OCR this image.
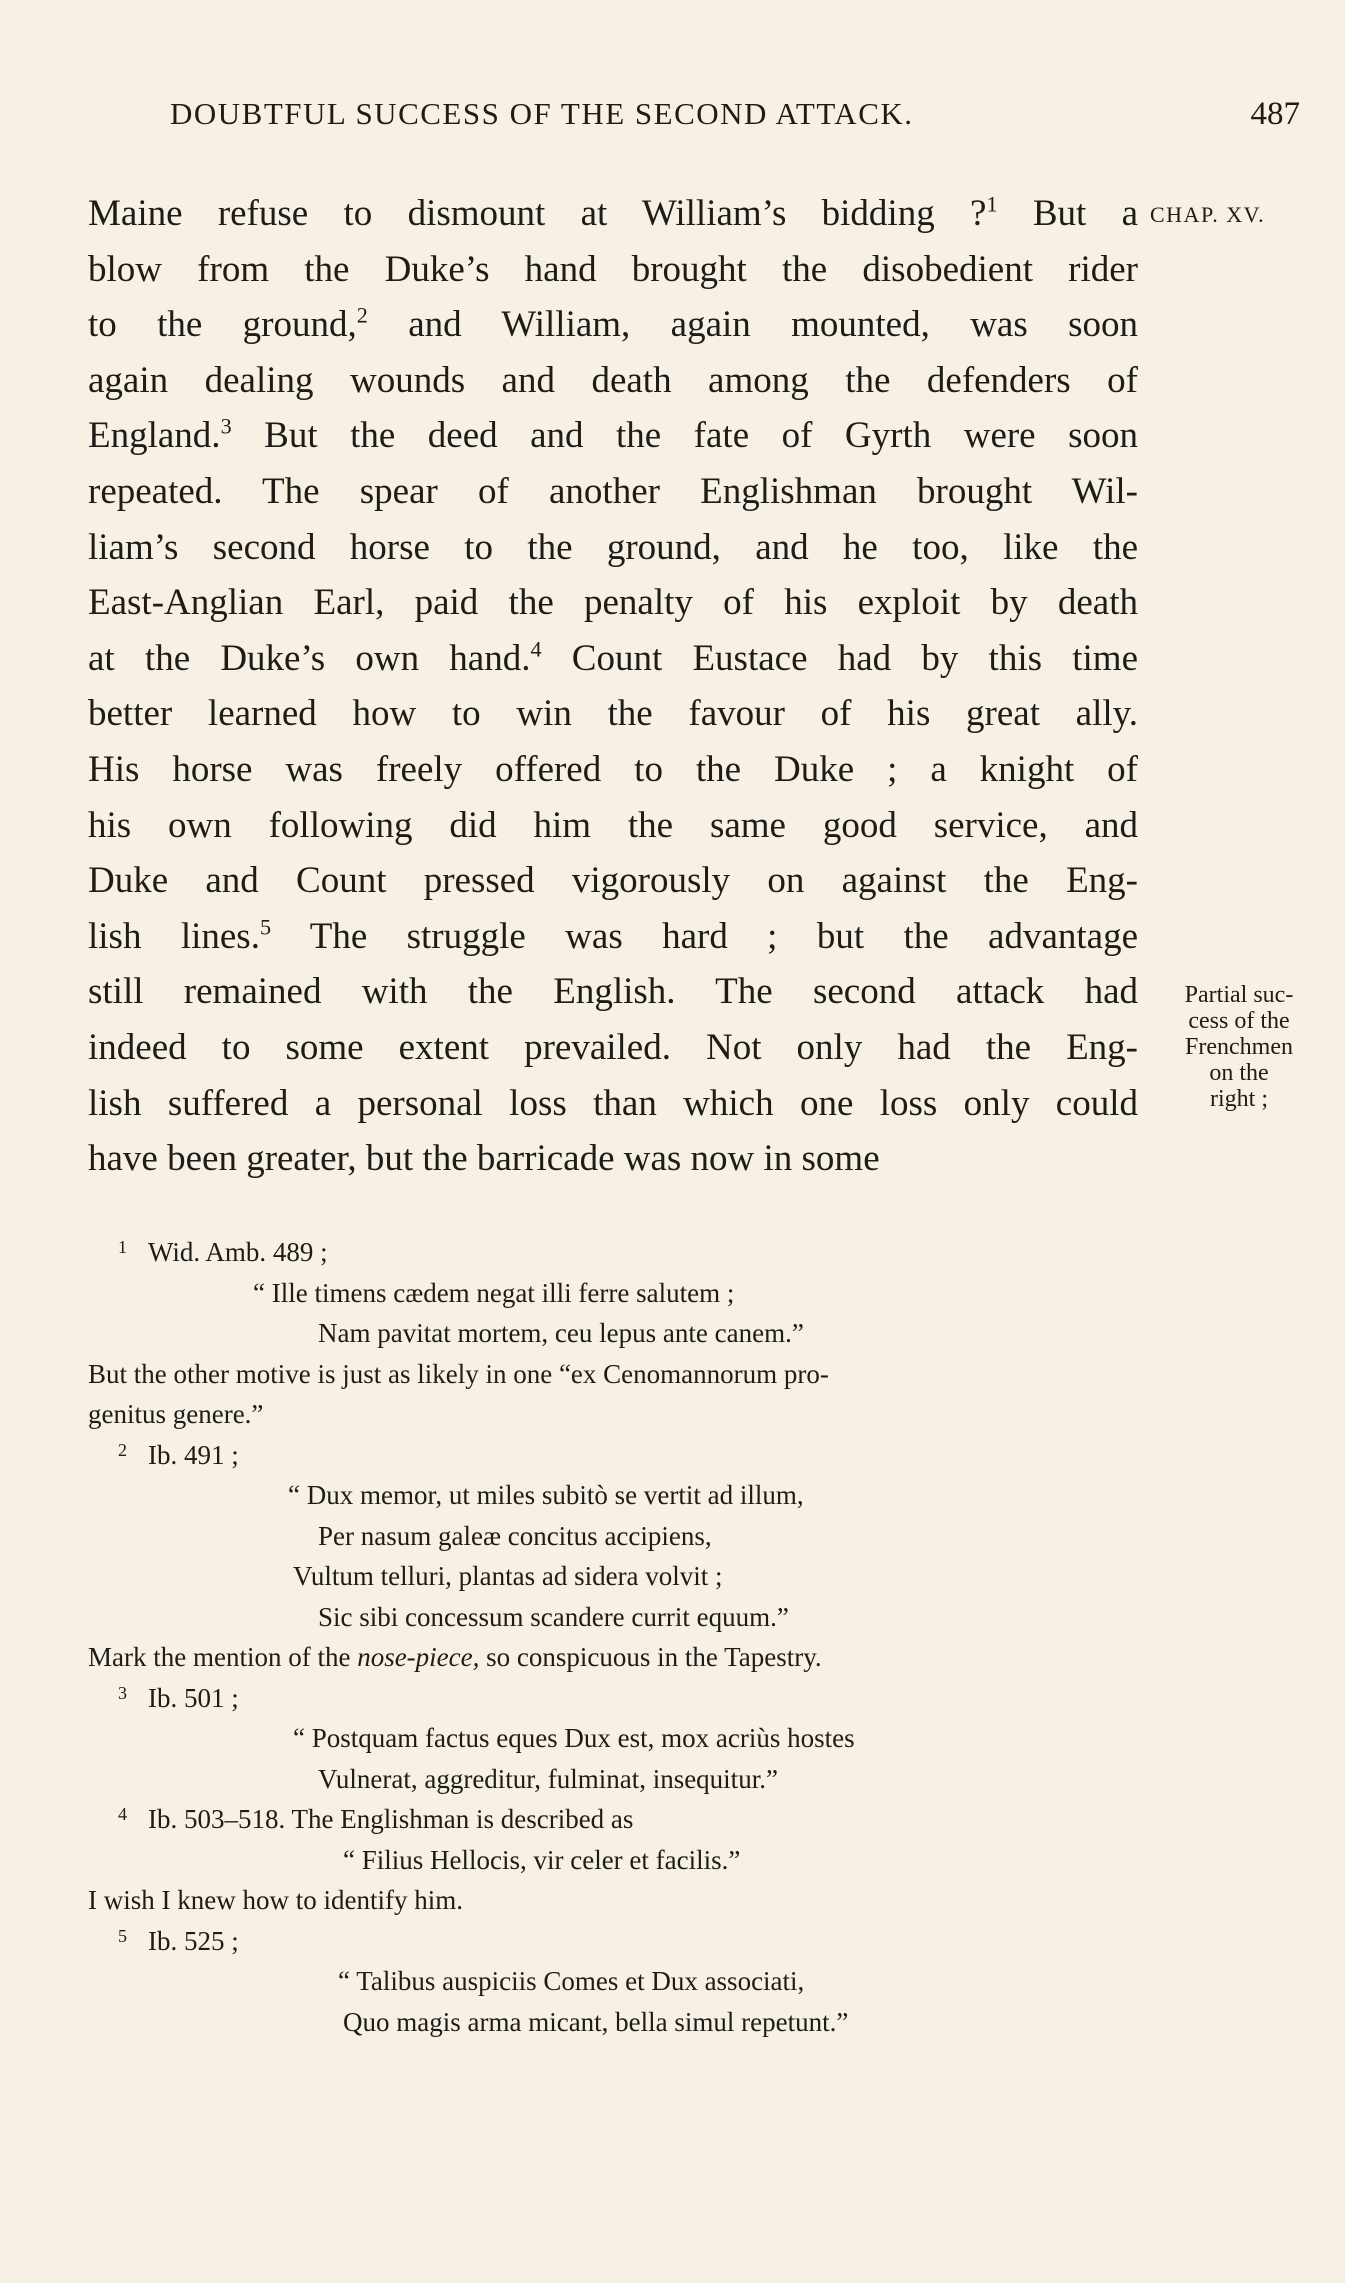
DOUBTFUL SUCCESS OF THE SECOND ATTACK.	487
CHAP. XV.
Partial suc-
cess of the
Frenchmen
on the
right ;
Maine refuse to dismount at William’s bidding ?$^1$ But a
blow from the Duke’s hand brought the disobedient rider
to the ground,$^2$ and William, again mounted, was soon
again dealing wounds and death among the defenders of
England.$^3$ But the deed and the fate of Gyrth were soon
repeated. The spear of another Englishman brought Wil-
liam’s second horse to the ground, and he too, like the
East-Anglian Earl, paid the penalty of his exploit by death
at the Duke’s own hand.$^4$ Count Eustace had by this time
better learned how to win the favour of his great ally.
His horse was freely offered to the Duke ; a knight of
his own following did him the same good service, and
Duke and Count pressed vigorously on against the Eng-
lish lines.$^5$ The struggle was hard ; but the advantage
still remained with the English. The second attack had
indeed to some extent prevailed. Not only had the Eng-
lish suffered a personal loss than which one loss only could
have been greater, but the barricade was now in some
1 Wid. Amb. 489 ;
“ Ille timens cædem negat illi ferre salutem ;
Nam pavitat mortem, ceu lepus ante canem.”
But the other motive is just as likely in one “ex Cenomannorum pro-
genitus genere.”
2 Ib. 491 ;
“ Dux memor, ut miles subitò se vertit ad illum,
Per nasum galeæ concitus accipiens,
Vultum telluri, plantas ad sidera volvit ;
Sic sibi concessum scandere currit equum.”
Mark the mention of the nose-piece, so conspicuous in the Tapestry.
3 Ib. 501 ;
“ Postquam factus eques Dux est, mox acriùs hostes
Vulnerat, aggreditur, fulminat, insequitur.”
4 Ib. 503–518. The Englishman is described as
“ Filius Hellocis, vir celer et facilis.”
I wish I knew how to identify him.
5 Ib. 525 ;
“ Talibus auspiciis Comes et Dux associati,
Quo magis arma micant, bella simul repetunt.”
